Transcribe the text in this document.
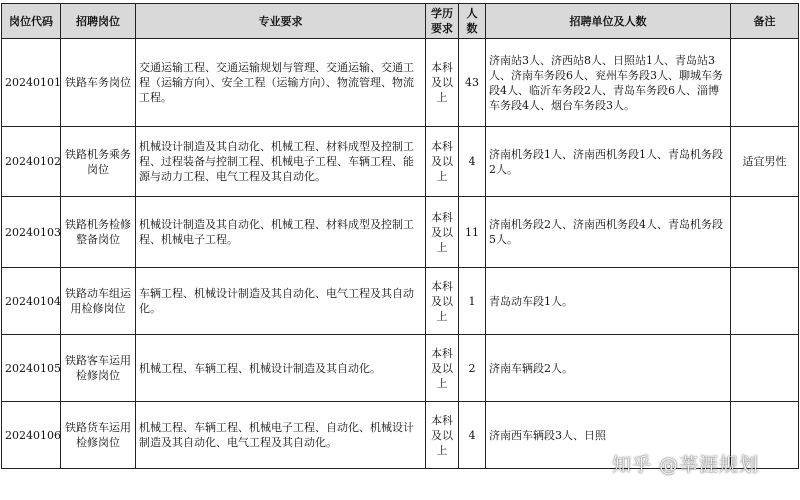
岗位代码	招聘岗位	专业要求	学历要求	人数	招聘单位及人数	备注
20240101	铁路车务岗位	交通运输工程、交通运输规划与管理、交通运输、交通工程（运输方向）、安全工程（运输方向）、物流管理、物流工程。	本科及以上	43	济南站3人、济西站8人、日照站1人、青岛站3人、济南车务段6人、兖州车务段3人、聊城车务段4人、临沂车务段2人、青岛车务段6人、淄博车务段4人、烟台车务段3人。	
20240102	铁路机务乘务岗位	机械设计制造及其自动化、机械工程、材料成型及控制工程、过程装备与控制工程、机械电子工程、车辆工程、能源与动力工程、电气工程及其自动化。	本科及以上	4	济南机务段1人、济南西机务段1人、青岛机务段2人。	适宜男性
20240103	铁路机务检修整备岗位	机械设计制造及其自动化、机械工程、材料成型及控制工程、机械电子工程。	本科及以上	11	济南机务段2人、济南西机务段4人、青岛机务段5人。	
20240104	铁路动车组运用检修岗位	车辆工程、机械设计制造及其自动化、电气工程及其自动化。	本科及以上	1	青岛动车段1人。	
20240105	铁路客车运用检修岗位	机械工程、车辆工程、机械设计制造及其自动化。	本科及以上	2	济南车辆段2人。	
20240106	铁路货车运用检修岗位	机械工程、车辆工程、机械电子工程、自动化、机械设计制造及其自动化、电气工程及其自动化。	本科及以上	4	济南西车辆段3人、日照	
知乎 @莘涯规划
